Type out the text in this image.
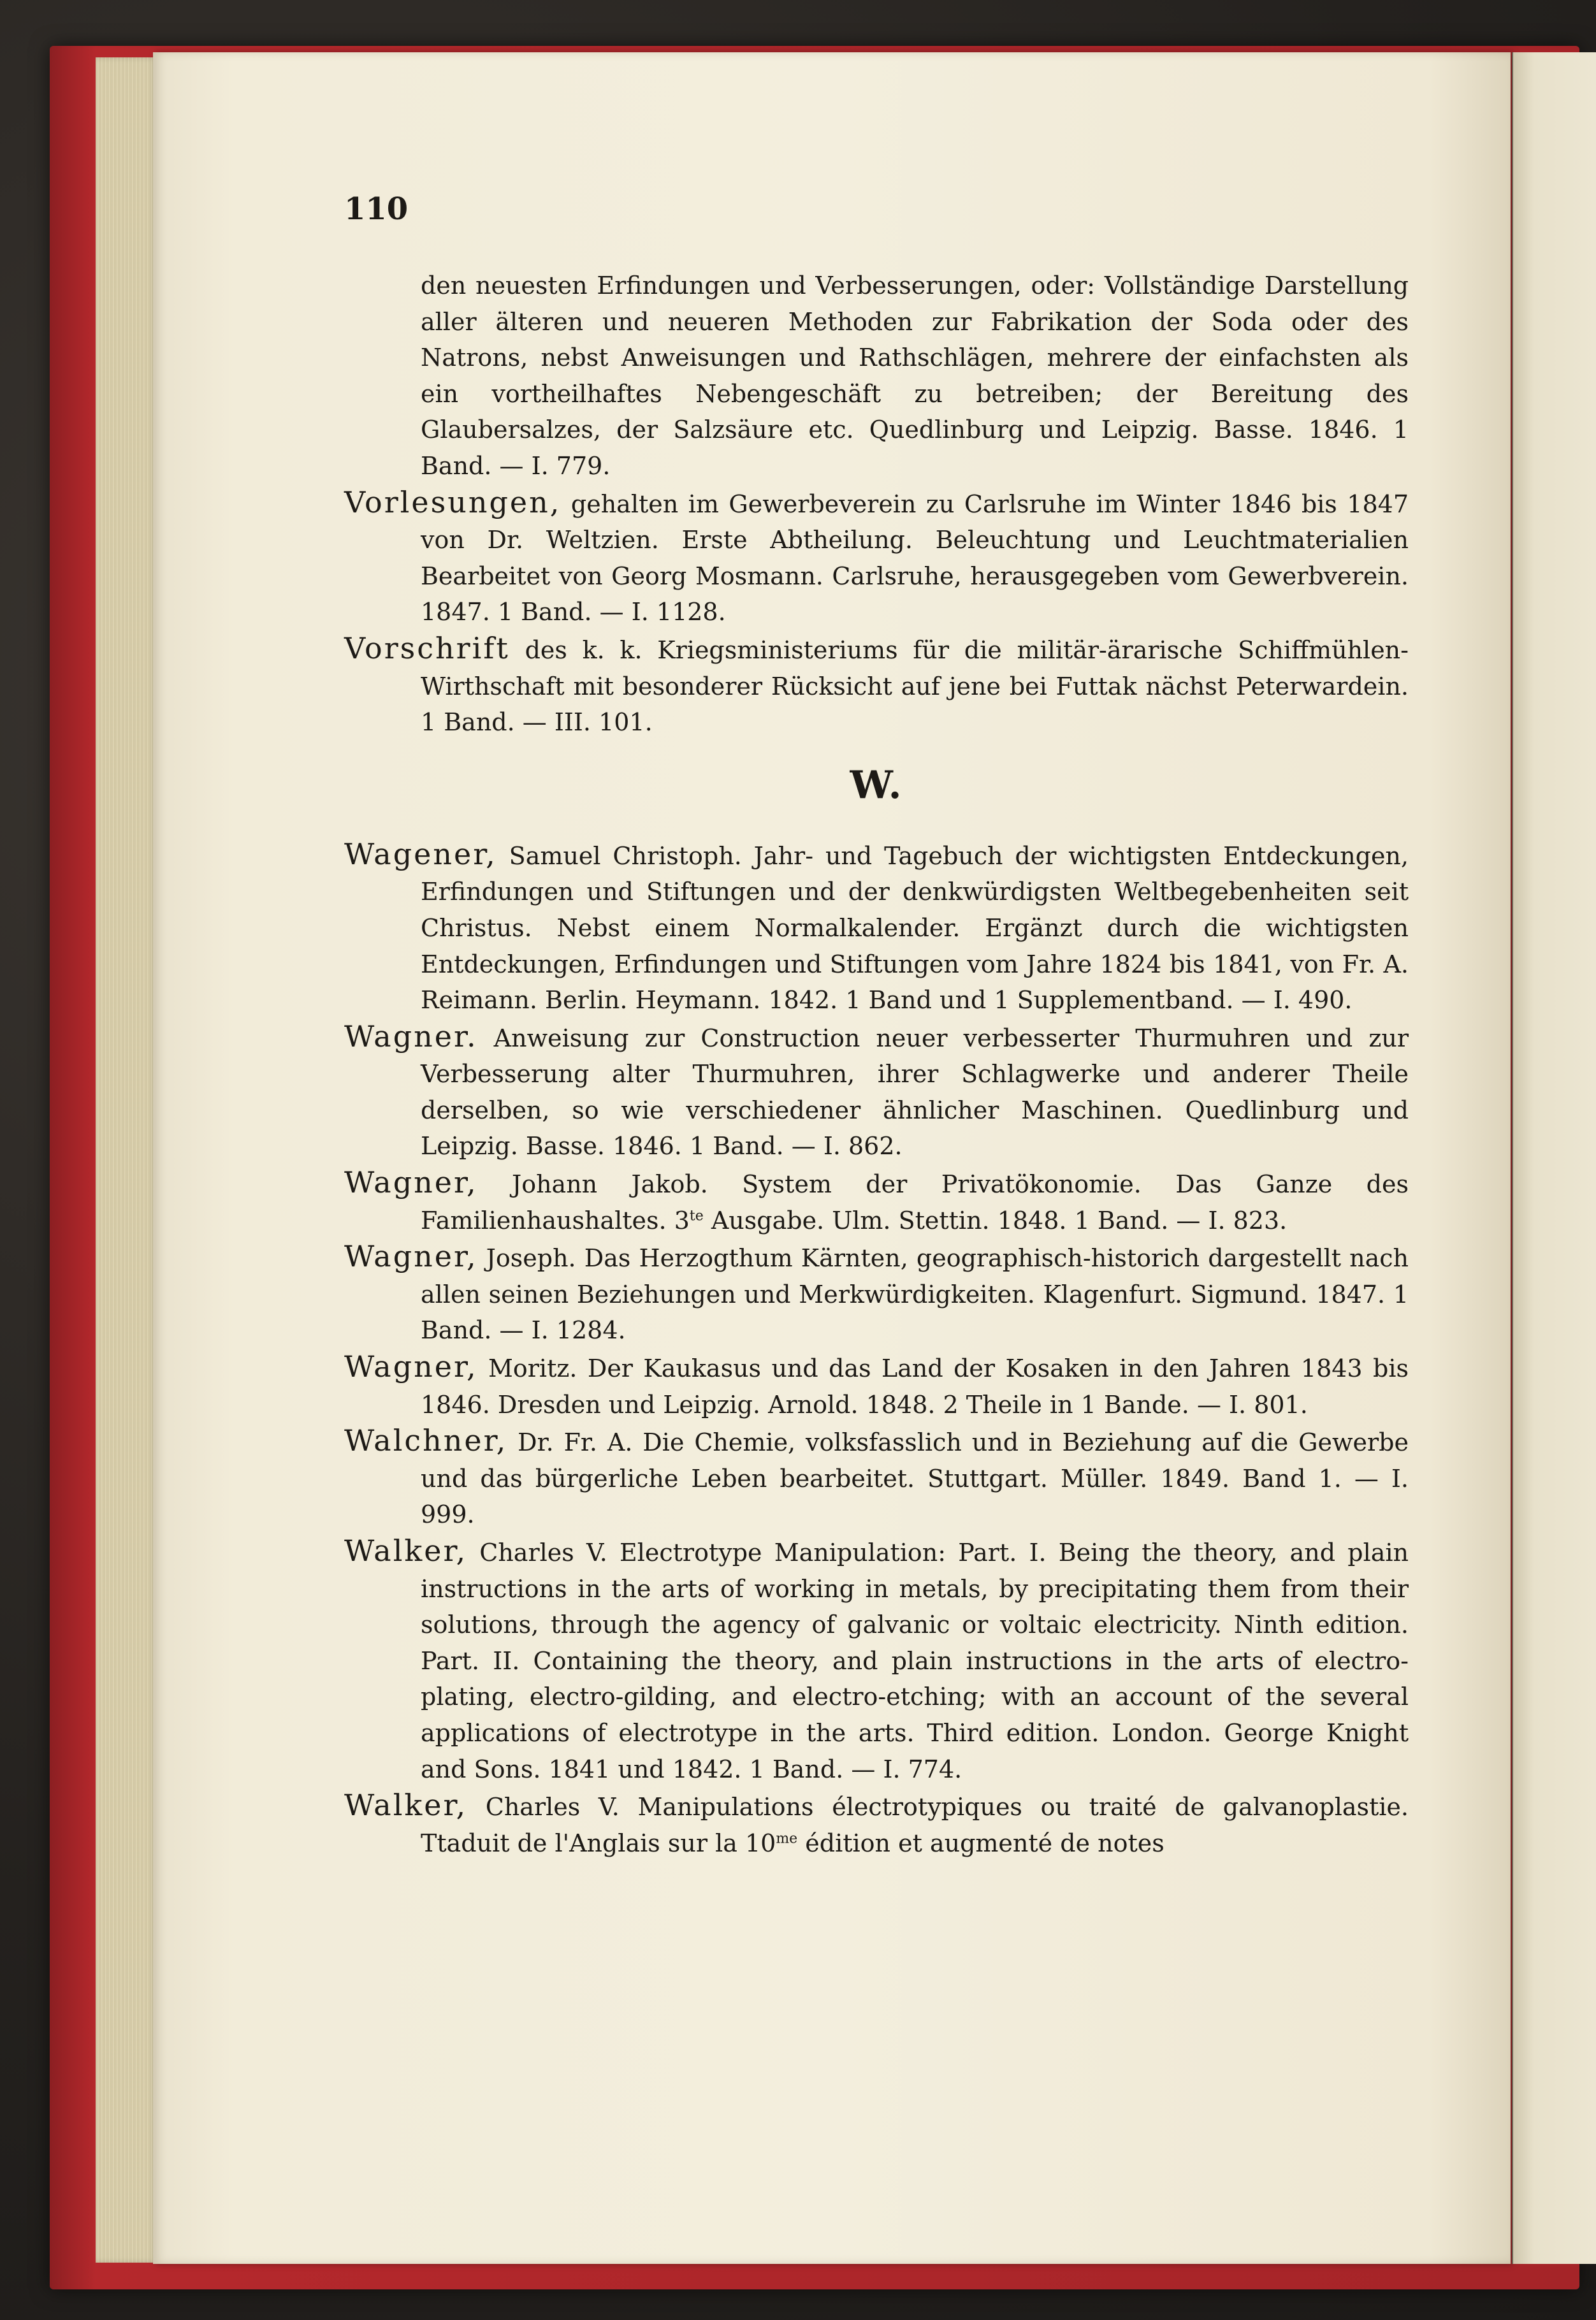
110

den neuesten Erfindungen und Verbesserungen, oder: Vollständige Darstellung aller älteren und neueren Methoden zur Fabrikation der Soda oder des Natrons, nebst Anweisungen und Rathschlägen, mehrere der einfachsten als ein vortheilhaftes Nebengeschäft zu betreiben; der Bereitung des Glaubersalzes, der Salzsäure etc. Quedlinburg und Leipzig. Basse. 1846. 1 Band. — I. 779.

Vorlesungen, gehalten im Gewerbeverein zu Carlsruhe im Winter 1846 bis 1847 von Dr. Weltzien. Erste Abtheilung. Beleuchtung und Leuchtmaterialien Bearbeitet von Georg Mosmann. Carlsruhe, herausgegeben vom Gewerbverein. 1847. 1 Band. — I. 1128.

Vorschrift des k. k. Kriegsministeriums für die militär-ärarische Schiffmühlen-Wirthschaft mit besonderer Rücksicht auf jene bei Futtak nächst Peterwardein. 1 Band. — III. 101.

W.

Wagener, Samuel Christoph. Jahr- und Tagebuch der wichtigsten Entdeckungen, Erfindungen und Stiftungen und der denkwürdigsten Weltbegebenheiten seit Christus. Nebst einem Normalkalender. Ergänzt durch die wichtigsten Entdeckungen, Erfindungen und Stiftungen vom Jahre 1824 bis 1841, von Fr. A. Reimann. Berlin. Heymann. 1842. 1 Band und 1 Supplementband. — I. 490.

Wagner. Anweisung zur Construction neuer verbesserter Thurmuhren und zur Verbesserung alter Thurmuhren, ihrer Schlagwerke und anderer Theile derselben, so wie verschiedener ähnlicher Maschinen. Quedlinburg und Leipzig. Basse. 1846. 1 Band. — I. 862.

Wagner, Johann Jakob. System der Privatökonomie. Das Ganze des Familienhaushaltes. $3^{te}$ Ausgabe. Ulm. Stettin. 1848. 1 Band. — I. 823.

Wagner, Joseph. Das Herzogthum Kärnten, geographisch-historich dargestellt nach allen seinen Beziehungen und Merkwürdigkeiten. Klagenfurt. Sigmund. 1847. 1 Band. — I. 1284.

Wagner, Moritz. Der Kaukasus und das Land der Kosaken in den Jahren 1843 bis 1846. Dresden und Leipzig. Arnold. 1848. 2 Theile in 1 Bande. — I. 801.

Walchner, Dr. Fr. A. Die Chemie, volksfasslich und in Beziehung auf die Gewerbe und das bürgerliche Leben bearbeitet. Stuttgart. Müller. 1849. Band 1. — I. 999.

Walker, Charles V. Electrotype Manipulation: Part. I. Being the theory, and plain instructions in the arts of working in metals, by precipitating them from their solutions, through the agency of galvanic or voltaic electricity. Ninth edition. Part. II. Containing the theory, and plain instructions in the arts of electro-plating, electro-gilding, and electro-etching; with an account of the several applications of electrotype in the arts. Third edition. London. George Knight and Sons. 1841 und 1842. 1 Band. — I. 774.

Walker, Charles V. Manipulations électrotypiques ou traité de galvanoplastie. Ttaduit de l'Anglais sur la $10^{me}$ édition et augmenté de notes
